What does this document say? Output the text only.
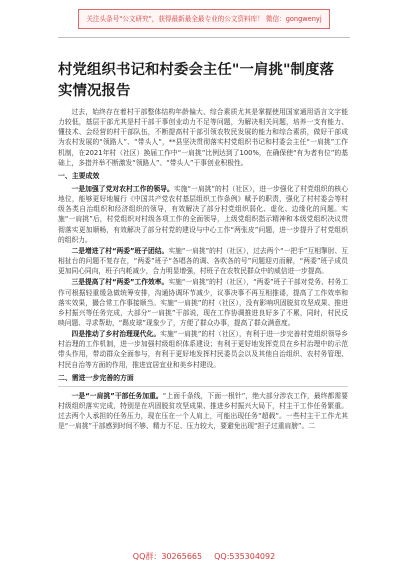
关注头条号"公文研究"，获得最新最全最专业的公文资料库！ 微信：gongwenyj
村党组织书记和村委会主任"一肩挑"制度落实情况报告

过去，始终存在着村干部整体结构年龄偏大、综合素质尤其是掌握使用国家通用语言文字能力较低，基层干部尤其是村干部干事创业动力不足等问题，为解决相关问题，培养一支有能力、懂技术、会经营的村干部队伍，不断提高村干部引领农牧民发展的能力和综合素质，做好干部成为农村发展的“领路人”、“带头人”，**县坚决贯彻落实村党组织书记和村委会主任“一肩挑”工作机制，在2021年村（社区）换届工作中“一肩挑”比例达到了100%，在确保使“有为者有位”的基础上，多措并举不断激发“领路人”、“带头人”干事创业积极性。

一、主要成效

一是加强了党对农村工作的领导。实施“一肩挑”的村（社区），进一步强化了村党组织的核心地位，能够更好地履行《中国共产党农村基层组织工作条例》赋予的职责，强化了村村委会等村级各类自治组织和经济组织的领导，有效解决了部分村党组织弱化、虚化、边缘化的问题。实施“一肩挑”后，村党组织对村级各项工作的全面领导，上级党组织指示精神和本级党组织决议贯彻落实更加顺畅，有效解决了部分村党的建设与中心工作“两张皮”问题，进一步提升了村党组织的组织力。

二是增进了村“两委”班子团结。实施“一肩挑”的村（社区），过去两个“一把手”互相掣肘、互相扯台的问题不复存在，“两委”班子“各唱各的调、各吹各的号”问题迎刃而解，“两委”班子成员更加同心同向，班子内耗减少，合力明显增强，村班子在农牧民群众中的威信进一步提高。

三是提高了村“两委”工作效率。实施“一肩挑”的村（社区），“两委”班子干部对党务、村务工作可根据轻重缓急做统筹安排，沟通协调环节减少，议事决事不再互相推诿，提高了工作效率和落实效果，撮合常工作事接顺当。实施“一肩挑”的村（社区），没有影响巩固脱贫攻坚成果、推进乡村振兴等任务完成，大部分“一肩挑”干部说，现在工作协调推进良好多了不累，同时，村民反映问题、寻求帮助，“踢皮球”现象少了，方便了群众办事，提高了群众满意度。

四是推动了乡村治理现代化。实施“一肩挑”的村（社区），有利于进一步完善村党组织领导乡村治理的工作机制，进一步加强村级组织体系建设；有利于更好地发挥党员在乡村治理中的示范带头作用，带动群众全面参与，有利于更好地发挥村民委员会以及其他自治组织、农村务管理、村民自治等方面的作用，推进宜居宜业和美乡村建设。

二、需进一步完善的方面

一是“一肩挑”干部任务加重。“上面千条线，下面一根针”，绝大部分涉农工作，最终都需要村级组织落实完成，特别是在巩固脱贫攻坚成果、推进乡村振兴大局下，村主干工作任务繁重。过去两个人承担的任务压力，现在压在一个人肩上，可能出现任务“超载”。一些村主干工作尤其是“一肩挑”干部感到时间不够、精力不足、压力较大，要避免出现“担子过重肩膀”。二

QQ群：30265665 QQ:535304092
